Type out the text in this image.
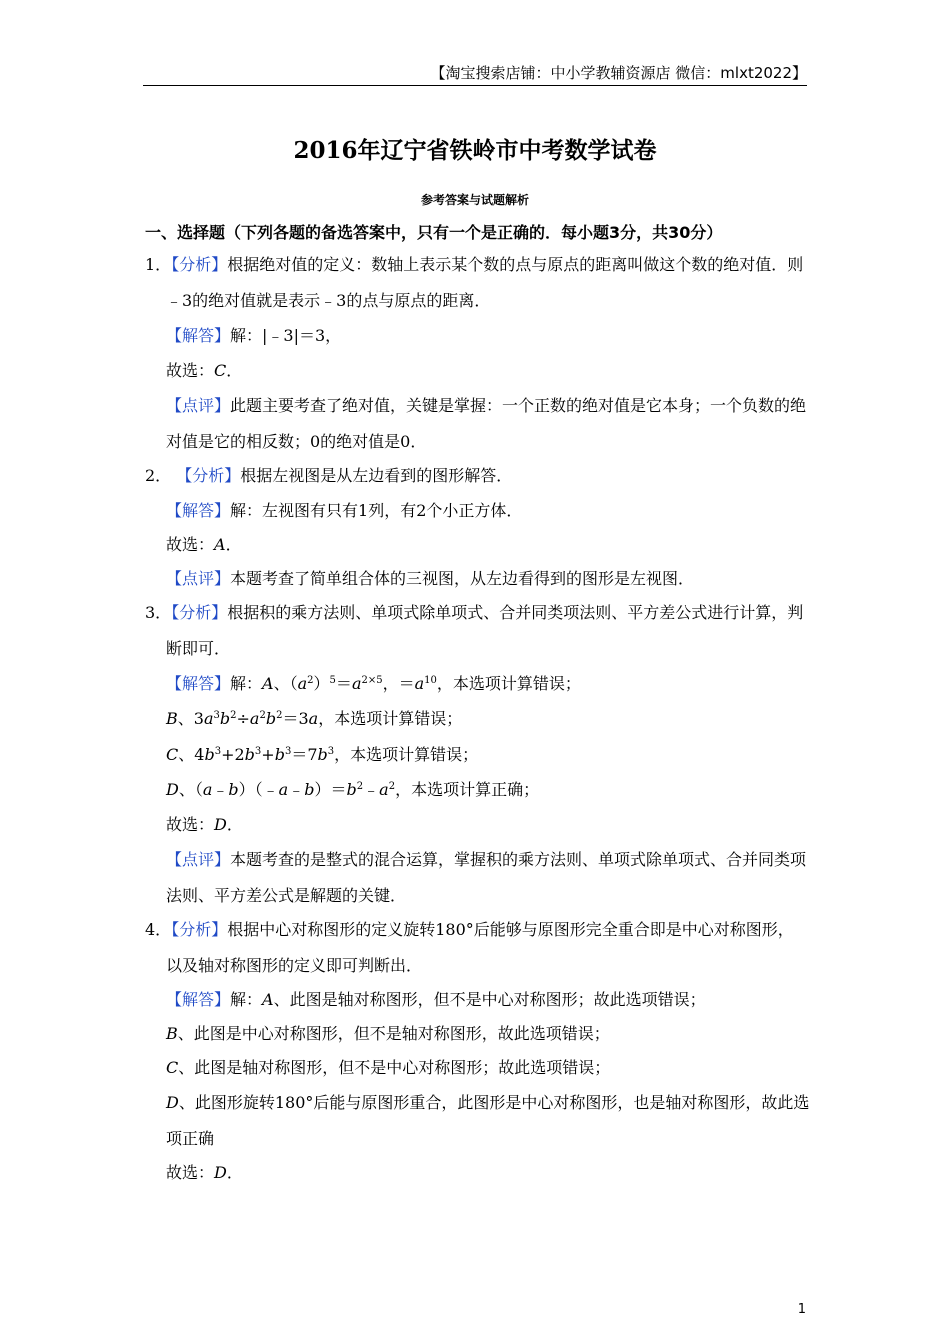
【淘宝搜索店铺：中小学教辅资源店 微信：mlxt2022】
2016年辽宁省铁岭市中考数学试卷
参考答案与试题解析
一、选择题（下列各题的备选答案中，只有一个是正确的．每小题3分，共30分）
1．【分析】根据绝对值的定义：数轴上表示某个数的点与原点的距离叫做这个数的绝对值．则
﹣3的绝对值就是表示﹣3的点与原点的距离．
【解答】解：|﹣3|＝3，
故选：C．
【点评】此题主要考查了绝对值，关键是掌握：一个正数的绝对值是它本身；一个负数的绝
对值是它的相反数；0的绝对值是0．
2． 【分析】根据左视图是从左边看到的图形解答．
【解答】解：左视图有只有1列，有2个小正方体．
故选：A．
【点评】本题考查了简单组合体的三视图，从左边看得到的图形是左视图．
3．【分析】根据积的乘方法则、单项式除单项式、合并同类项法则、平方差公式进行计算，判
断即可．
【解答】解：A、$(a^2)^5=a^{2\times 5}$，$=a^{10}$，本选项计算错误；
B、$3a^3b^2\div a^2b^2=3a$，本选项计算错误；
C、$4b^3+2b^3+b^3=7b^3$，本选项计算错误；
D、$(a﹣b)(﹣a﹣b)=b^2﹣a^2$，本选项计算正确；
故选：D．
【点评】本题考查的是整式的混合运算，掌握积的乘方法则、单项式除单项式、合并同类项
法则、平方差公式是解题的关键．
4．【分析】根据中心对称图形的定义旋转180°后能够与原图形完全重合即是中心对称图形，
以及轴对称图形的定义即可判断出．
【解答】解：A、此图是轴对称图形，但不是中心对称图形；故此选项错误；
B、此图是中心对称图形，但不是轴对称图形，故此选项错误；
C、此图是轴对称图形，但不是中心对称图形；故此选项错误；
D、此图形旋转180°后能与原图形重合，此图形是中心对称图形，也是轴对称图形，故此选
项正确
故选：D．
1
